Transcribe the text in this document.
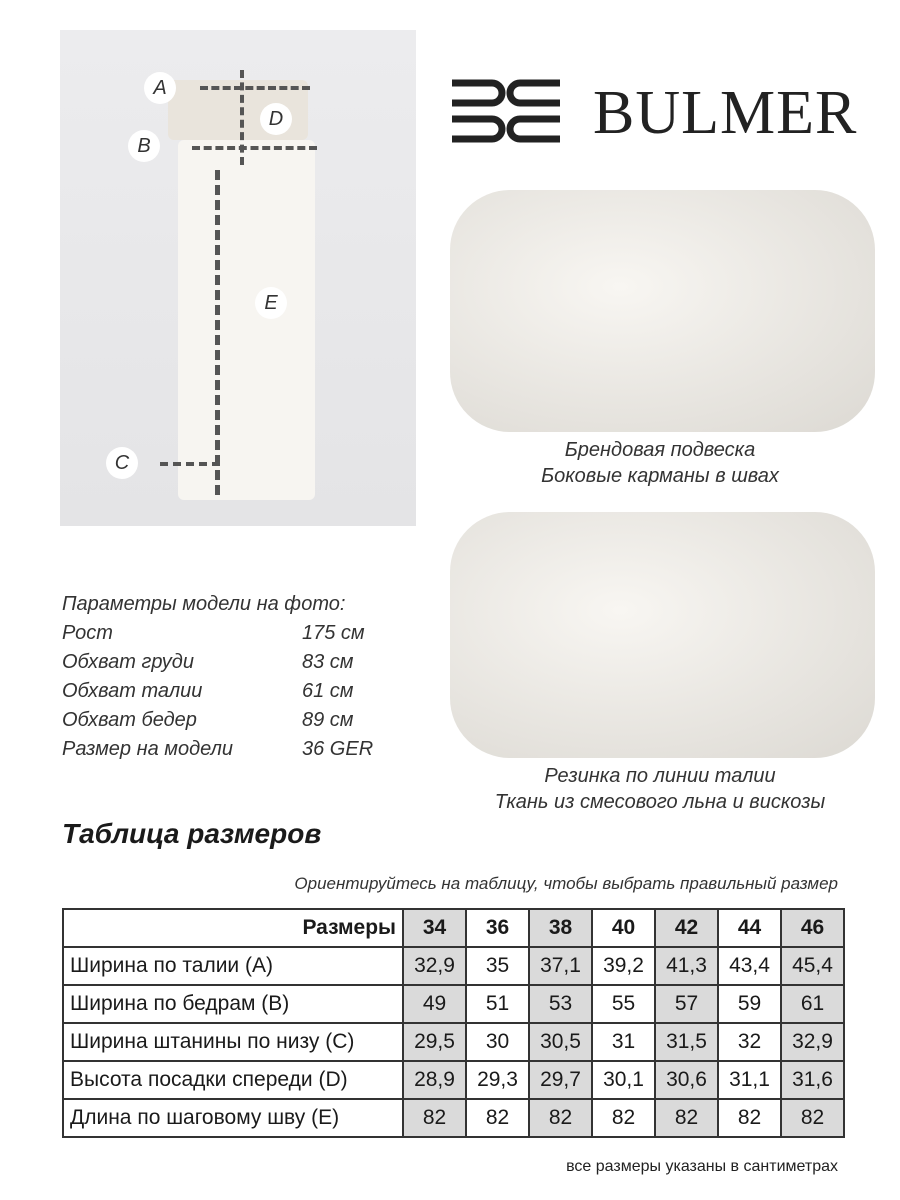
A
B
C
D
E
BULMER
Брендовая подвеска
Боковые карманы в швах
Резинка по линии талии
Ткань из смесового льна и вискозы
Параметры модели на фото:
Рост	175 см
Обхват груди	83 см
Обхват талии	61 см
Обхват бедер	89 см
Размер на модели	36 GER
Таблица размеров
Ориентируйтесь на таблицу, чтобы выбрать правильный размер
Размеры	34	36	38	40	42	44	46
Ширина по талии (A)	32,9	35	37,1	39,2	41,3	43,4	45,4
Ширина по бедрам (B)	49	51	53	55	57	59	61
Ширина штанины по низу (C)	29,5	30	30,5	31	31,5	32	32,9
Высота посадки спереди (D)	28,9	29,3	29,7	30,1	30,6	31,1	31,6
Длина по шаговому шву (E)	82	82	82	82	82	82	82
все размеры указаны в сантиметрах
